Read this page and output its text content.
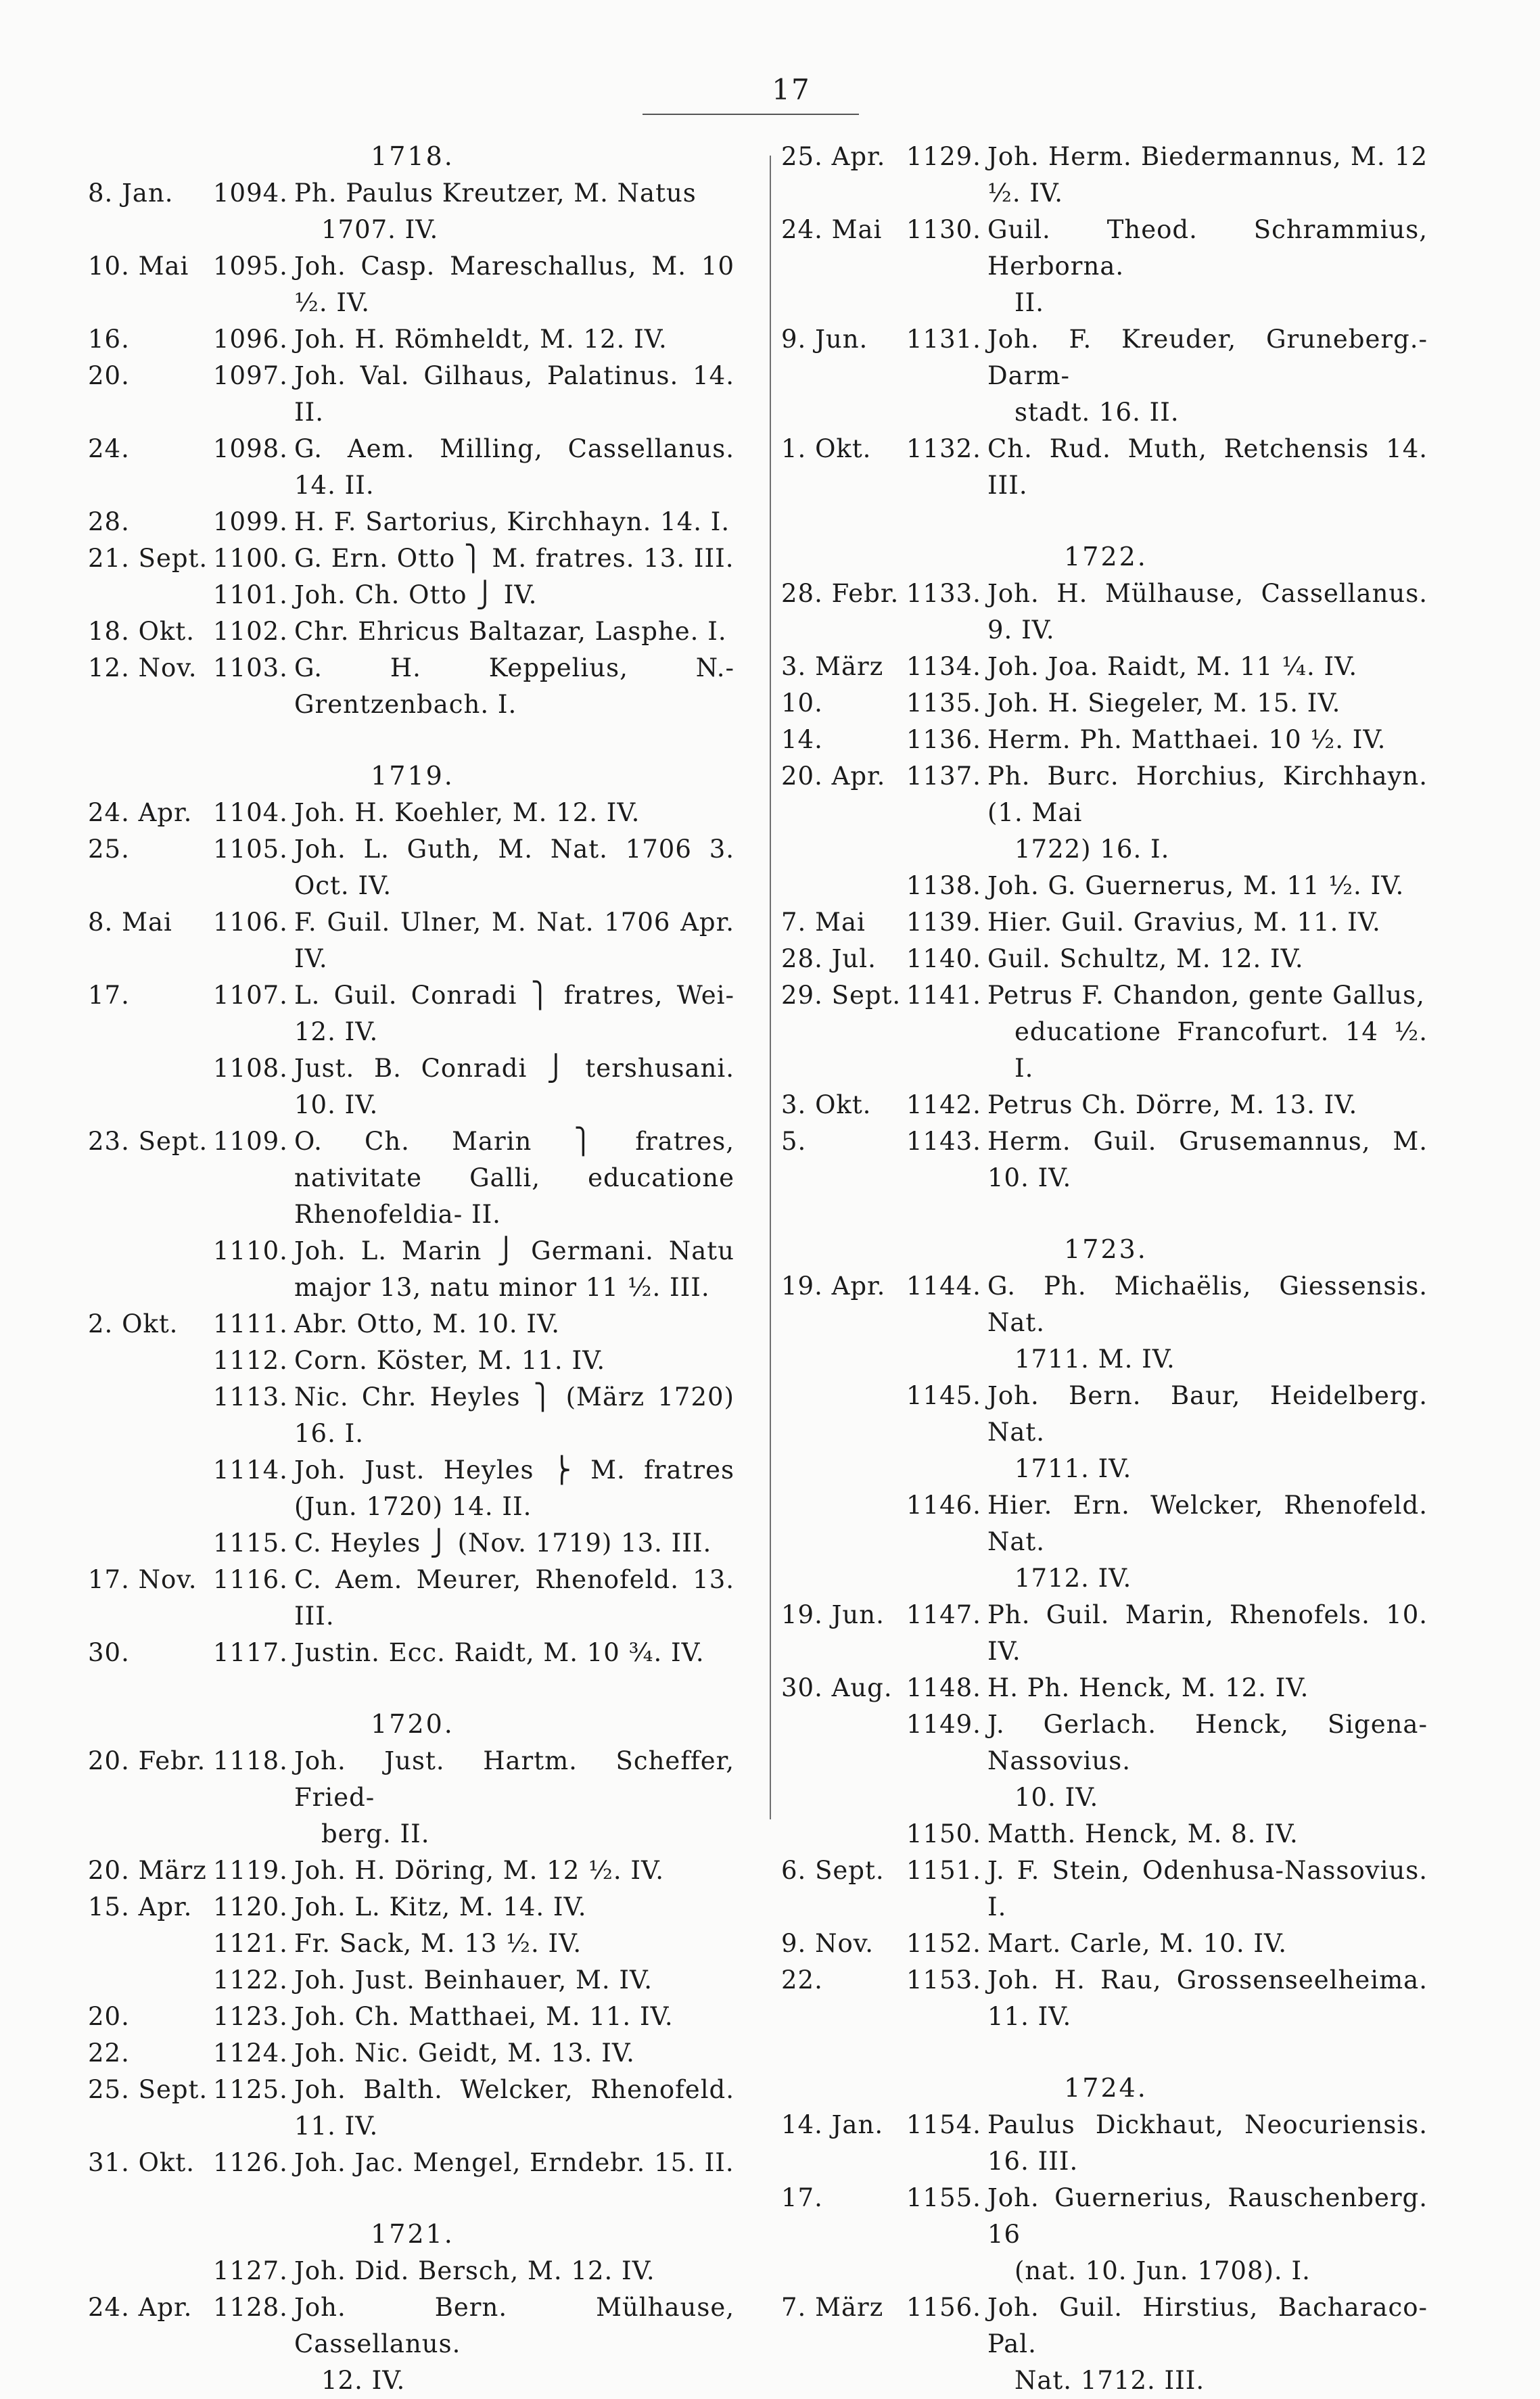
17
1718.
8. Jan.	1094. Ph. Paulus Kreutzer, M. Natus
1707. IV.
10. Mai 1095. Joh. Casp. Mareschallus, M. 10 ½. IV.
16.	1096. Joh. H. Römheldt, M. 12. IV.
20.	1097. Joh. Val. Gilhaus, Palatinus. 14. II.
24.	1098. G. Aem. Milling, Cassellanus. 14. II.
28.	1099. H. F. Sartorius, Kirchhayn. 14. I.
21. Sept. 1100. G. Ern. Otto ⎫ M. fratres. 13. III.
1101. Joh. Ch. Otto ⎭ IV.
18. Okt. 1102. Chr. Ehricus Baltazar, Lasphe. I.
12. Nov. 1103. G. H. Keppelius, N.-Grentzenbach. I.
1719.
24. Apr. 1104. Joh. H. Koehler, M. 12. IV.
25.	1105. Joh. L. Guth, M. Nat. 1706 3. Oct. IV.
8. Mai	1106. F. Guil. Ulner, M. Nat. 1706 Apr. IV.
17.	1107. L. Guil. Conradi ⎫ fratres, Wei- 12. IV.
1108. Just. B. Conradi ⎭ tershusani. 10. IV.
23. Sept. 1109. O. Ch. Marin ⎫ fratres, nativitate Galli, educatione Rhenofeldia- II.
1110. Joh. L. Marin ⎭ Germani. Natu major 13, natu minor 11 ½. III.
2. Okt.	1111. Abr. Otto, M. 10. IV.
1112. Corn. Köster, M. 11. IV.
1113. Nic. Chr. Heyles ⎫ (März 1720) 16. I.
1114. Joh. Just. Heyles ⎬ M. fratres (Jun. 1720) 14. II.
1115. C. Heyles ⎭ (Nov. 1719) 13. III.
17. Nov. 1116. C. Aem. Meurer, Rhenofeld. 13. III.
30.	1117. Justin. Ecc. Raidt, M. 10 ¾. IV.
1720.
20. Febr. 1118. Joh. Just. Hartm. Scheffer, Fried-
berg. II.
20. März 1119. Joh. H. Döring, M. 12 ½. IV.
15. Apr. 1120. Joh. L. Kitz, M. 14. IV.
1121. Fr. Sack, M. 13 ½. IV.
1122. Joh. Just. Beinhauer, M. IV.
20.	1123. Joh. Ch. Matthaei, M. 11. IV.
22.	1124. Joh. Nic. Geidt, M. 13. IV.
25. Sept. 1125. Joh. Balth. Welcker, Rhenofeld. 11. IV.
31. Okt. 1126. Joh. Jac. Mengel, Erndebr. 15. II.
1721.
1127. Joh. Did. Bersch, M. 12. IV.
24. Apr. 1128. Joh. Bern. Mülhause, Cassellanus.
12. IV.
25. Apr. 1129. Joh. Herm. Biedermannus, M. 12 ½. IV.
24. Mai 1130. Guil. Theod. Schrammius, Herborna.
II.
9. Jun.	1131. Joh. F. Kreuder, Gruneberg.-Darm-
stadt. 16. II.
1. Okt.	1132. Ch. Rud. Muth, Retchensis 14. III.
1722.
28. Febr. 1133. Joh. H. Mülhause, Cassellanus. 9. IV.
3. März 1134. Joh. Joa. Raidt, M. 11 ¼. IV.
10.	1135. Joh. H. Siegeler, M. 15. IV.
14.	1136. Herm. Ph. Matthaei. 10 ½. IV.
20. Apr. 1137. Ph. Burc. Horchius, Kirchhayn. (1. Mai
1722) 16. I.
1138. Joh. G. Guernerus, M. 11 ½. IV.
7. Mai	1139. Hier. Guil. Gravius, M. 11. IV.
28. Jul.	1140. Guil. Schultz, M. 12. IV.
29. Sept. 1141. Petrus F. Chandon, gente Gallus,
educatione Francofurt. 14 ½. I.
3. Okt.	1142. Petrus Ch. Dörre, M. 13. IV.
5.	1143. Herm. Guil. Grusemannus, M. 10. IV.
1723.
19. Apr. 1144. G. Ph. Michaëlis, Giessensis. Nat.
1711. M. IV.
1145. Joh. Bern. Baur, Heidelberg. Nat.
1711. IV.
1146. Hier. Ern. Welcker, Rhenofeld. Nat.
1712. IV.
19. Jun. 1147. Ph. Guil. Marin, Rhenofels. 10. IV.
30. Aug. 1148. H. Ph. Henck, M. 12. IV.
1149. J. Gerlach. Henck, Sigena-Nassovius.
10. IV.
1150. Matth. Henck, M. 8. IV.
6. Sept. 1151. J. F. Stein, Odenhusa-Nassovius. I.
9. Nov.	1152. Mart. Carle, M. 10. IV.
22.	1153. Joh. H. Rau, Grossenseelheima. 11. IV.
1724.
14. Jan. 1154. Paulus Dickhaut, Neocuriensis. 16. III.
17.	1155. Joh. Guernerius, Rauschenberg. 16
(nat. 10. Jun. 1708). I.
7. März 1156. Joh. Guil. Hirstius, Bacharaco-Pal.
Nat. 1712. III.
